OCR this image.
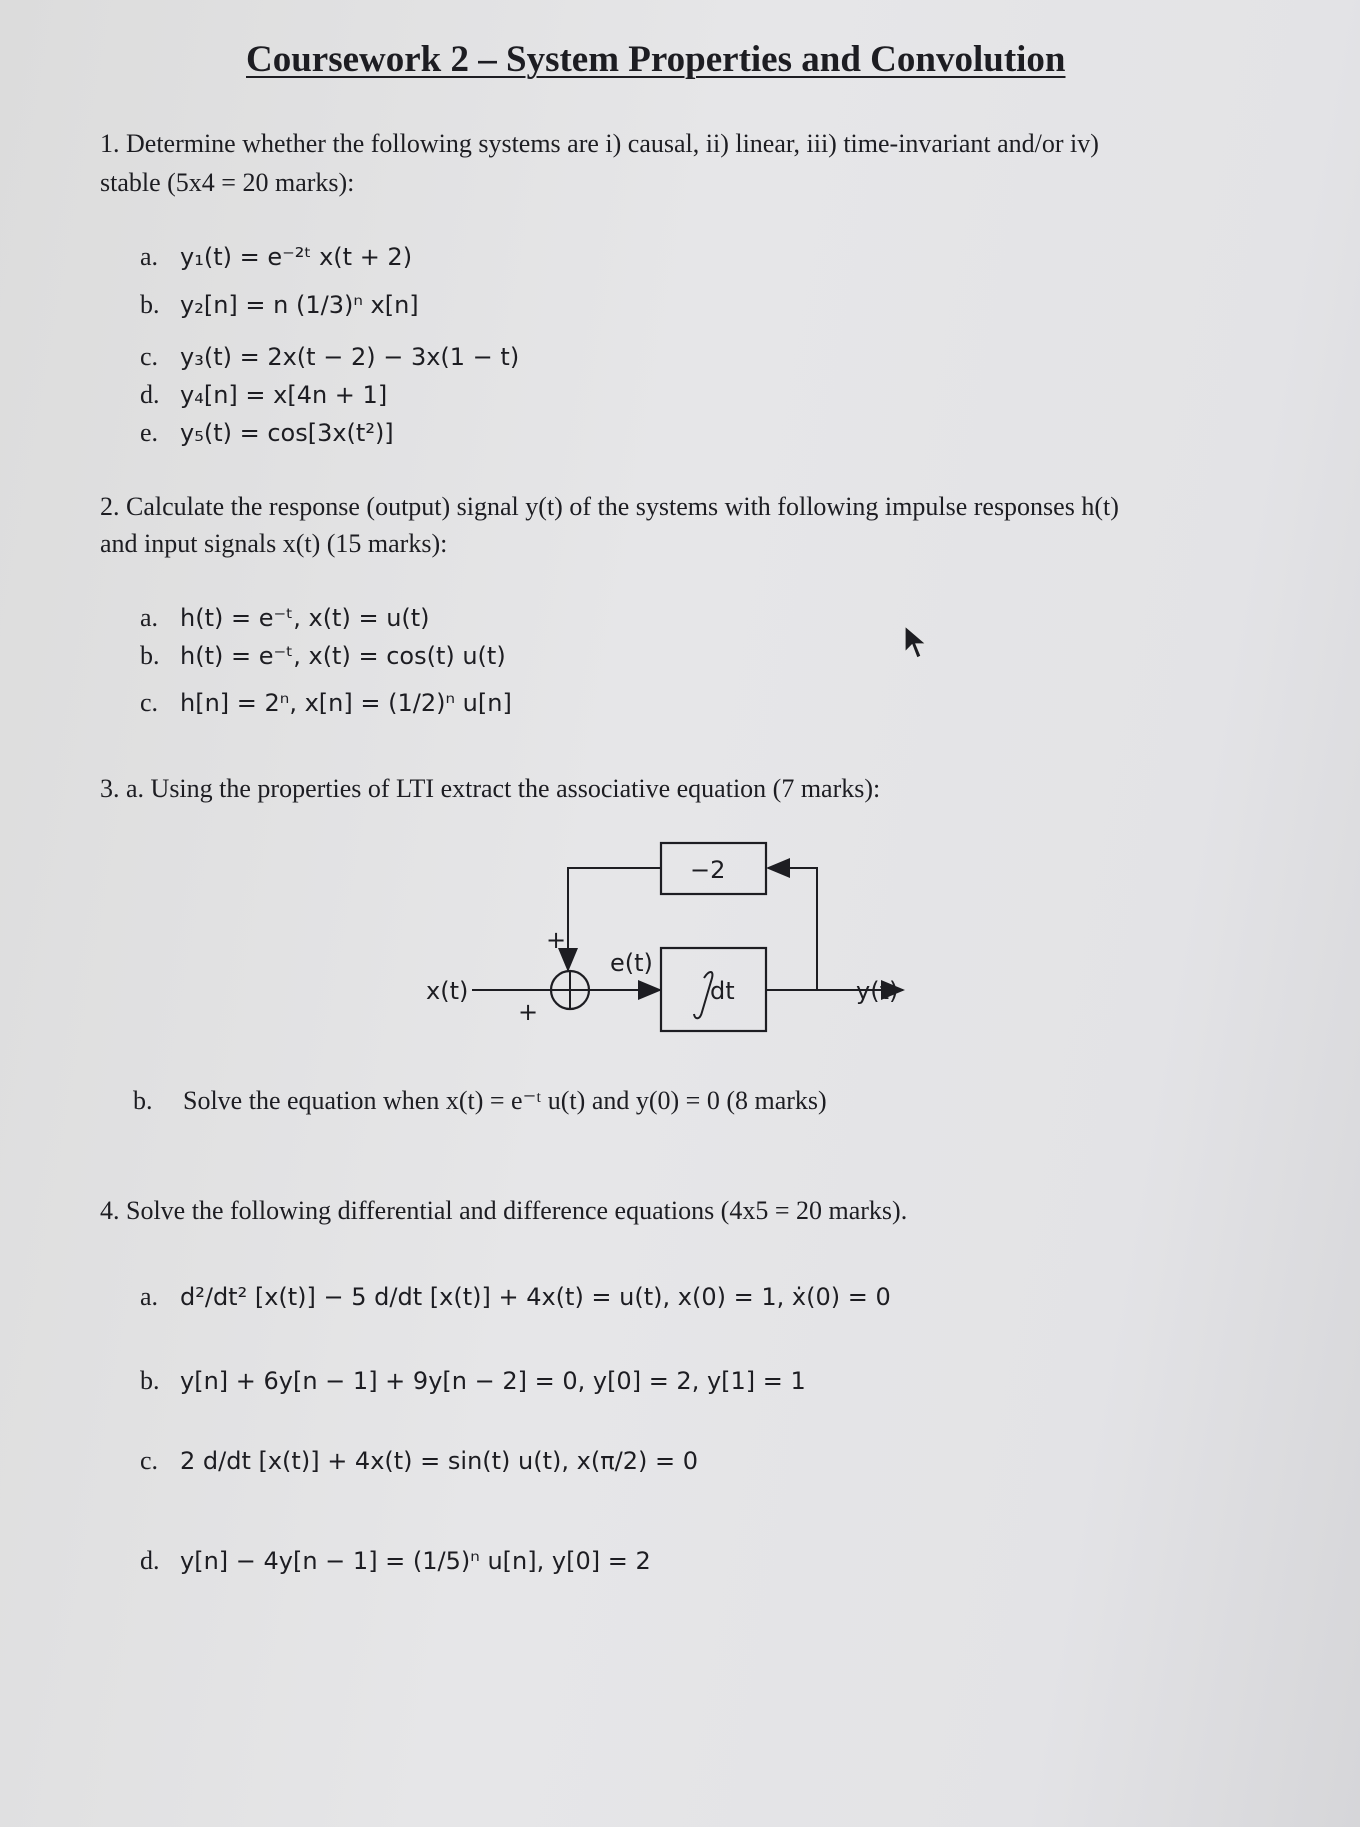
Coursework 2 – System Properties and Convolution
1. Determine whether the following systems are i) causal, ii) linear, iii) time-invariant and/or iv)
stable (5x4 = 20 marks):
a. y₁(t) = e⁻²ᵗ x(t + 2)
b. y₂[n] = n (1/3)ⁿ x[n]
c. y₃(t) = 2x(t − 2) − 3x(1 − t)
d. y₄[n] = x[4n + 1]
e. y₅(t) = cos[3x(t²)]
2. Calculate the response (output) signal y(t) of the systems with following impulse responses h(t)
and input signals x(t) (15 marks):
a. h(t) = e⁻ᵗ, x(t) = u(t)
b. h(t) = e⁻ᵗ, x(t) = cos(t) u(t)
c. h[n] = 2ⁿ, x[n] = (1/2)ⁿ u[n]
3. a. Using the properties of LTI extract the associative equation (7 marks):
−2
dt
x(t)	y(t)
e(t)
+
+
b. Solve the equation when x(t) = e⁻ᵗ u(t) and y(0) = 0 (8 marks)
4. Solve the following differential and difference equations (4x5 = 20 marks).
a. d²/dt² [x(t)] − 5 d/dt [x(t)] + 4x(t) = u(t), x(0) = 1, ẋ(0) = 0
b. y[n] + 6y[n − 1] + 9y[n − 2] = 0, y[0] = 2, y[1] = 1
c. 2 d/dt [x(t)] + 4x(t) = sin(t) u(t), x(π/2) = 0
d. y[n] − 4y[n − 1] = (1/5)ⁿ u[n], y[0] = 2
